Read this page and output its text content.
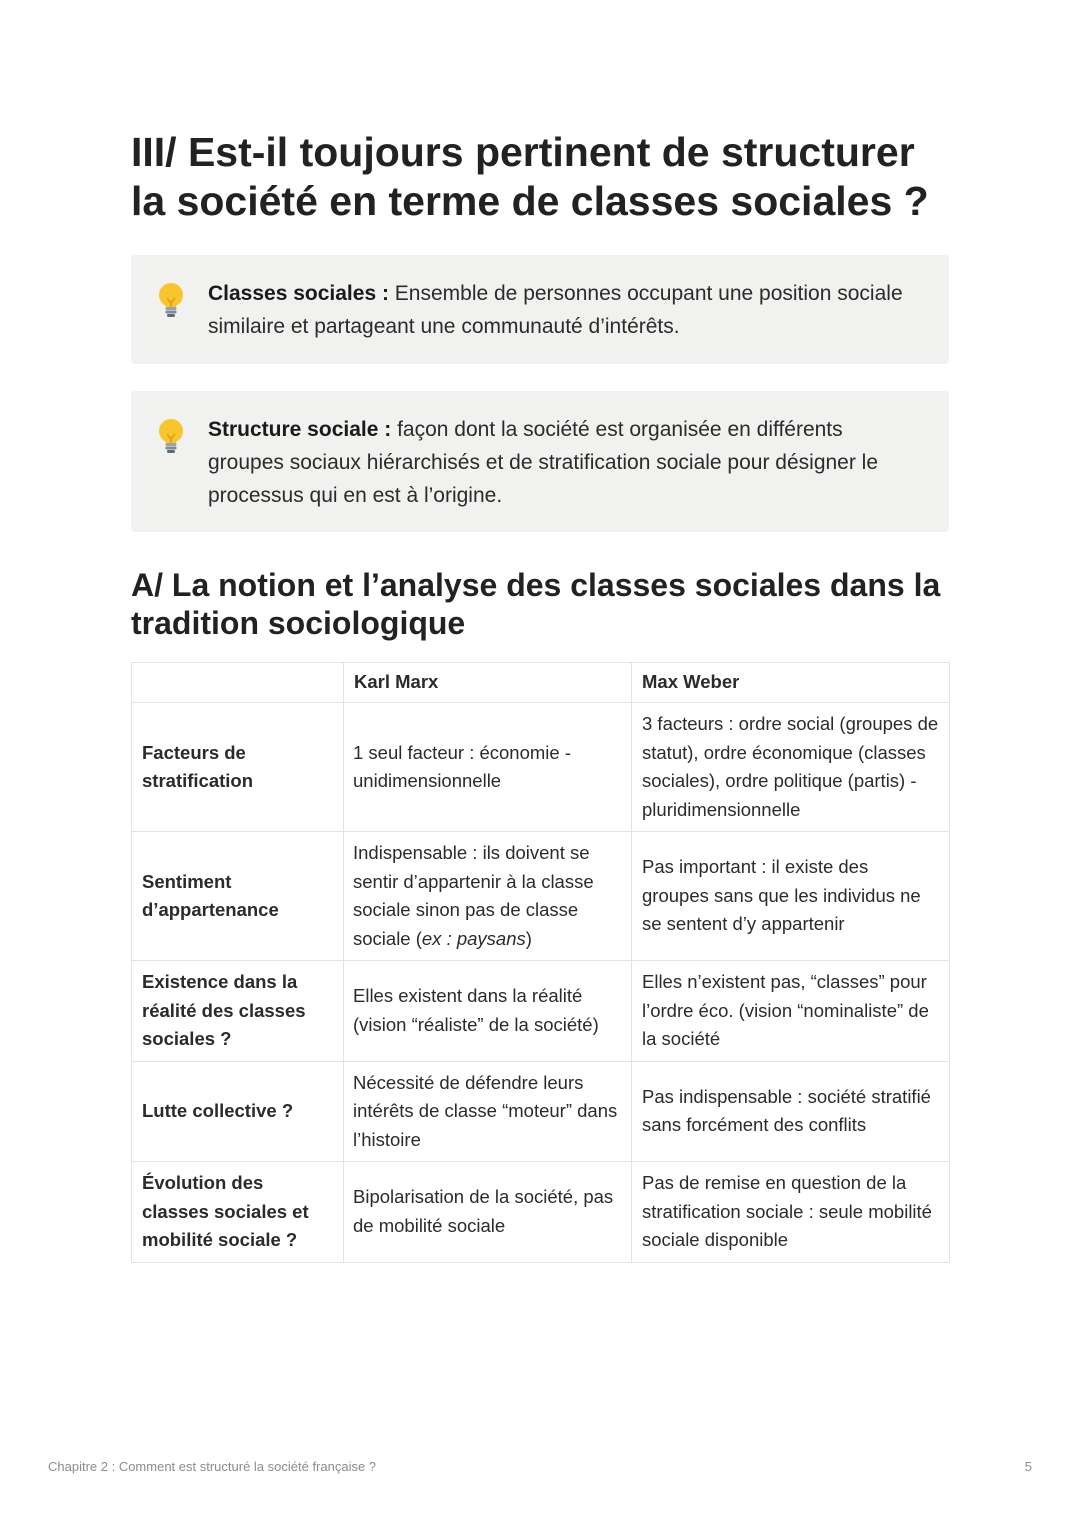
III/ Est-il toujours pertinent de structurer la société en terme de classes sociales ?
Classes sociales : Ensemble de personnes occupant une position sociale similaire et partageant une communauté d’intérêts.
Structure sociale : façon dont la société est organisée en différents groupes sociaux hiérarchisés et de stratification sociale pour désigner le processus qui en est à l’origine.
A/ La notion et l’analyse des classes sociales dans la tradition sociologique
	Karl Marx	Max Weber
Facteurs de stratification	1 seul facteur : économie - unidimensionnelle	3 facteurs : ordre social (groupes de statut), ordre économique (classes sociales), ordre politique (partis) - pluridimensionnelle
Sentiment d’appartenance	Indispensable : ils doivent se sentir d’appartenir à la classe sociale sinon pas de classe sociale (ex : paysans)	Pas important : il existe des groupes sans que les individus ne se sentent d’y appartenir
Existence dans la réalité des classes sociales ?	Elles existent dans la réalité (vision “réaliste” de la société)	Elles n’existent pas, “classes” pour l’ordre éco. (vision “nominaliste” de la société
Lutte collective ?	Nécessité de défendre leurs intérêts de classe “moteur” dans l’histoire	Pas indispensable : société stratifié sans forcément des conflits
Évolution des classes sociales et mobilité sociale ?	Bipolarisation de la société, pas de mobilité sociale	Pas de remise en question de la stratification sociale : seule mobilité sociale disponible
Chapitre 2 : Comment est structuré la société française ?	5
